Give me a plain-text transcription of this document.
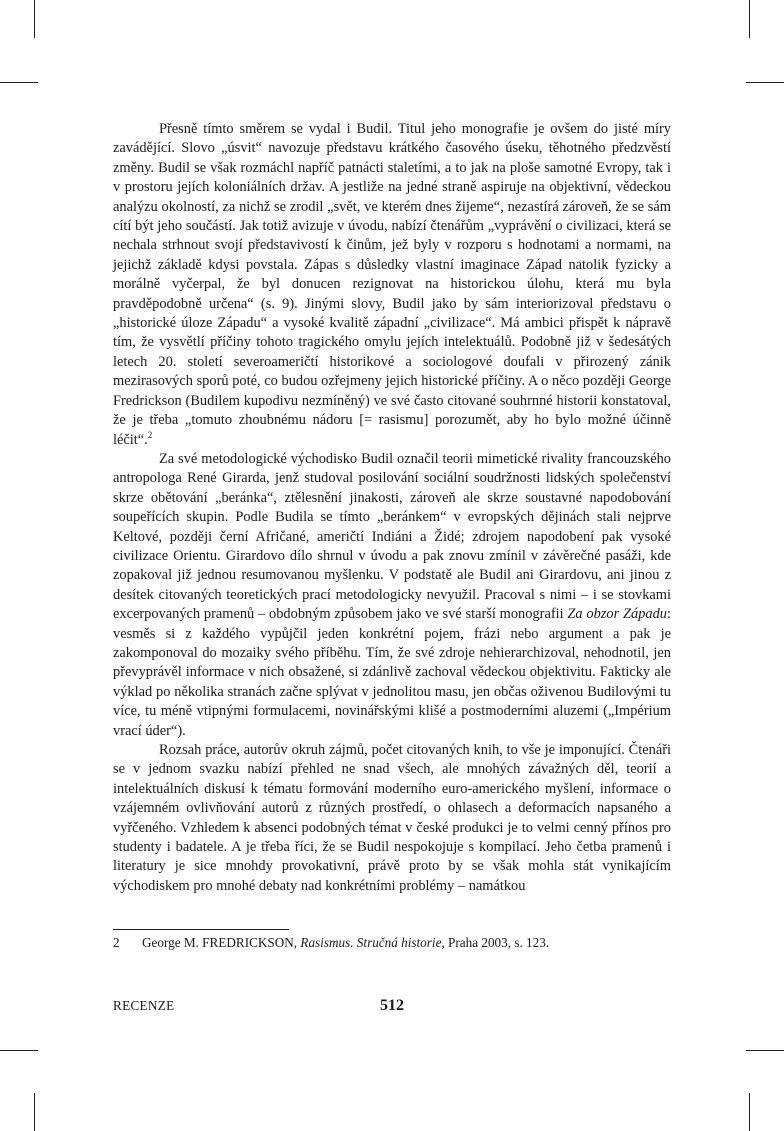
Přesně tímto směrem se vydal i Budil. Titul jeho monografie je ovšem do jisté míry zavádějící. Slovo „úsvit“ navozuje představu krátkého časového úseku, těhotného předzvěstí změny. Budil se však rozmáchl napříč patnácti staletími, a to jak na ploše samotné Evropy, tak i v prostoru jejích koloniálních držav. A jestliže na jedné straně aspiruje na objektivní, vědeckou analýzu okolností, za nichž se zrodil „svět, ve kterém dnes žijeme“, nezastírá zároveň, že se sám cítí být jeho součástí. Jak totiž avizuje v úvodu, nabízí čtenářům „vyprávění o civilizaci, která se nechala strhnout svojí představivostí k činům, jež byly v rozporu s hodnotami a normami, na jejichž základě kdysi povstala. Zápas s důsledky vlastní imaginace Západ natolik fyzicky a morálně vyčerpal, že byl donucen rezignovat na historickou úlohu, která mu byla pravděpodobně určena“ (s. 9). Jinými slovy, Budil jako by sám interiorizoval představu o „historické úloze Západu“ a vysoké kvalitě západní „civilizace“. Má ambici přispět k nápravě tím, že vysvětlí příčiny tohoto tragického omylu jejích intelektuálů. Podobně již v šedesátých letech 20. století severoameričtí historikové a sociologové doufali v přirozený zánik mezirasových sporů poté, co budou ozřejmeny jejich historické příčiny. A o něco později George Fredrickson (Budilem kupodivu nezmíněný) ve své často citované souhrnné historii konstatoval, že je třeba „tomuto zhoubnému nádoru [= rasismu] porozumět, aby ho bylo možné účinně léčit“.$^2$

Za své metodologické východisko Budil označil teorii mimetické rivality francouzského antropologa René Girarda, jenž studoval posilování sociální soudržnosti lidských společenství skrze obětování „beránka“, ztělesnění jinakosti, zároveň ale skrze soustavné napodobování soupeřících skupin. Podle Budila se tímto „beránkem“ v evropských dějinách stali nejprve Keltové, později černí Afričané, američtí Indiáni a Židé; zdrojem napodobení pak vysoké civilizace Orientu. Girardovo dílo shrnul v úvodu a pak znovu zmínil v závěrečné pasáži, kde zopakoval již jednou resumovanou myšlenku. V podstatě ale Budil ani Girardovu, ani jinou z desítek citovaných teoretických prací metodologicky nevyužil. Pracoval s nimi – i se stovkami excerpovaných pramenů – obdobným způsobem jako ve své starší monografii Za obzor Západu: vesměs si z každého vypůjčil jeden konkrétní pojem, frázi nebo argument a pak je zakomponoval do mozaiky svého příběhu. Tím, že své zdroje nehierarchizoval, nehodnotil, jen převyprávěl informace v nich obsažené, si zdánlivě zachoval vědeckou objektivitu. Fakticky ale výklad po několika stranách začne splývat v jednolitou masu, jen občas oživenou Budilovými tu více, tu méně vtipnými formulacemi, novinářskými klišé a postmoderními aluzemi („Impérium vrací úder“).

Rozsah práce, autorův okruh zájmů, počet citovaných knih, to vše je imponující. Čtenáři se v jednom svazku nabízí přehled ne snad všech, ale mnohých závažných děl, teorií a intelektuálních diskusí k tématu formování moderního euro-amerického myšlení, informace o vzájemném ovlivňování autorů z různých prostředí, o ohlasech a deformacích napsaného a vyřčeného. Vzhledem k absenci podobných témat v české produkci je to velmi cenný přínos pro studenty i badatele. A je třeba říci, že se Budil nespokojuje s kompilací. Jeho četba pramenů i literatury je sice mnohdy provokativní, právě proto by se však mohla stát vynikajícím východiskem pro mnohé debaty nad konkrétními problémy – namátkou

2 George M. FREDRICKSON, Rasismus. Stručná historie, Praha 2003, s. 123.
RECENZE	512
